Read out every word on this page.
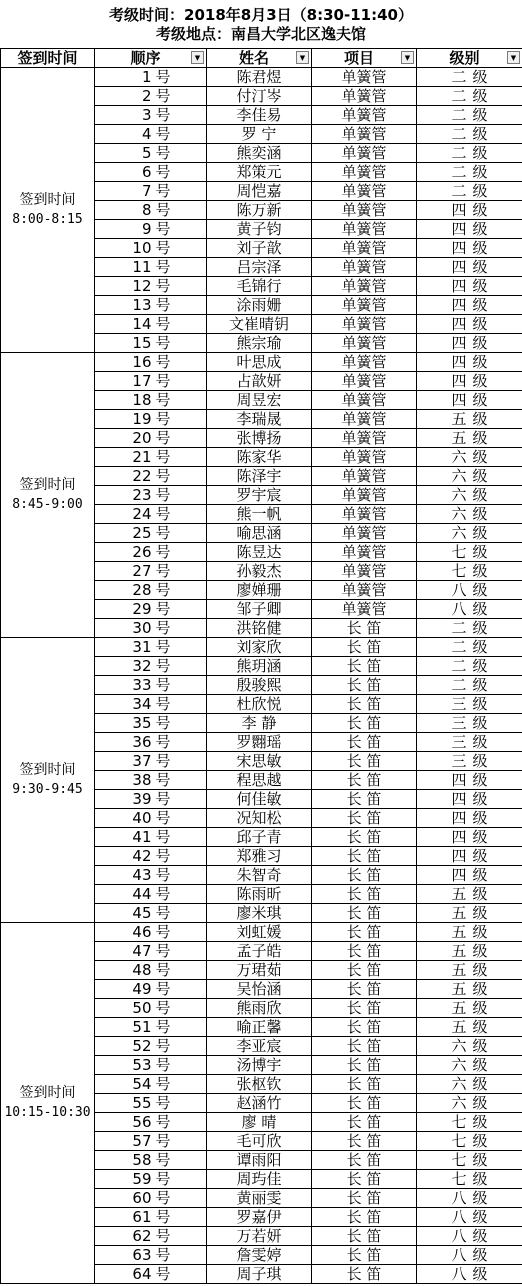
考级时间：2018年8月3日（8:30-11:40）
考级地点：南昌大学北区逸夫馆
签到时间	顺序 ▼	姓名 ▼	项目 ▼	级别 ▼

签到时间
8:00-8:15	1 号	陈君煜	单簧管	二级
	2 号	付汀岑	单簧管	二级
	3 号	李佳易	单簧管	二级
	4 号	罗 宁	单簧管	二级
	5 号	熊奕涵	单簧管	二级
	6 号	郑策元	单簧管	二级
	7 号	周恺嘉	单簧管	二级
	8 号	陈万新	单簧管	四级
	9 号	黄子钧	单簧管	四级
	10 号	刘子歆	单簧管	四级
	11 号	吕宗泽	单簧管	四级
	12 号	毛锦行	单簧管	四级
	13 号	涂雨姗	单簧管	四级
	14 号	文崔晴钥	单簧管	四级
	15 号	熊宗瑜	单簧管	四级

签到时间
8:45-9:00	16 号	叶思成	单簧管	四级
	17 号	占歆妍	单簧管	四级
	18 号	周昱宏	单簧管	四级
	19 号	李瑞晟	单簧管	五级
	20 号	张博扬	单簧管	五级
	21 号	陈家华	单簧管	六级
	22 号	陈泽宇	单簧管	六级
	23 号	罗宇宸	单簧管	六级
	24 号	熊一帆	单簧管	六级
	25 号	喻思涵	单簧管	六级
	26 号	陈昱达	单簧管	七级
	27 号	孙毅杰	单簧管	七级
	28 号	廖婵珊	单簧管	八级
	29 号	邹子卿	单簧管	八级
	30 号	洪铭健	长 笛	二级

签到时间
9:30-9:45	31 号	刘家欣	长 笛	二级
	32 号	熊玥涵	长 笛	二级
	33 号	殷骏熙	长 笛	二级
	34 号	杜欣悦	长 笛	三级
	35 号	李 静	长 笛	三级
	36 号	罗翾瑶	长 笛	三级
	37 号	宋思敏	长 笛	三级
	38 号	程思越	长 笛	四级
	39 号	何佳敏	长 笛	四级
	40 号	况知松	长 笛	四级
	41 号	邱子青	长 笛	四级
	42 号	郑雅习	长 笛	四级
	43 号	朱智奇	长 笛	四级
	44 号	陈雨昕	长 笛	五级
	45 号	廖米琪	长 笛	五级

签到时间
10:15-10:30	46 号	刘虹媛	长 笛	五级
	47 号	孟子皓	长 笛	五级
	48 号	万珺茹	长 笛	五级
	49 号	吴怡涵	长 笛	五级
	50 号	熊雨欣	长 笛	五级
	51 号	喻正馨	长 笛	五级
	52 号	李亚宸	长 笛	六级
	53 号	汤博宇	长 笛	六级
	54 号	张枢钦	长 笛	六级
	55 号	赵涵竹	长 笛	六级
	56 号	廖 晴	长 笛	七级
	57 号	毛可欣	长 笛	七级
	58 号	谭雨阳	长 笛	七级
	59 号	周玙佳	长 笛	七级
	60 号	黄丽雯	长 笛	八级
	61 号	罗嘉伊	长 笛	八级
	62 号	万若妍	长 笛	八级
	63 号	詹雯婷	长 笛	八级
	64 号	周子琪	长 笛	八级
